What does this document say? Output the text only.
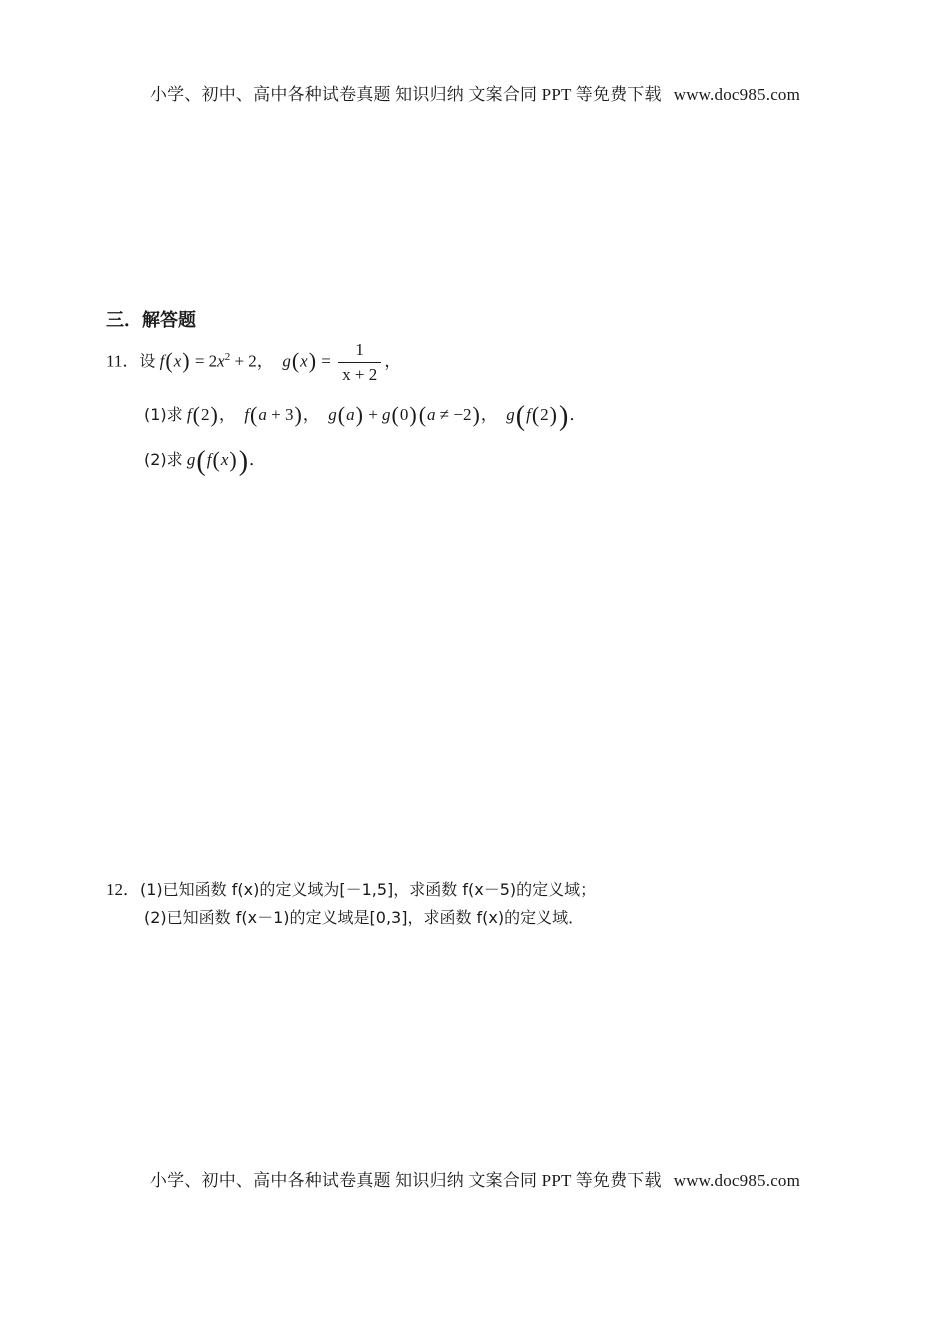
小学、初中、高中各种试卷真题 知识归纳 文案合同 PPT 等免费下载 www.doc985.com
三．解答题
11．设 $f(x) = 2x^2 + 2$，  $g(x) = \frac{1}{x + 2}$ ，
(1)求 f(2)，  f(a + 3)，  g(a) + g(0)(a ≠ −2)，  g(f(2))．
(2)求 g(f(x))．
12．(1)已知函数 f(x)的定义域为[－1,5]，求函数 f(x－5)的定义域；
(2)已知函数 f(x－1)的定义域是[0,3]，求函数 f(x)的定义域．
小学、初中、高中各种试卷真题 知识归纳 文案合同 PPT 等免费下载 www.doc985.com
